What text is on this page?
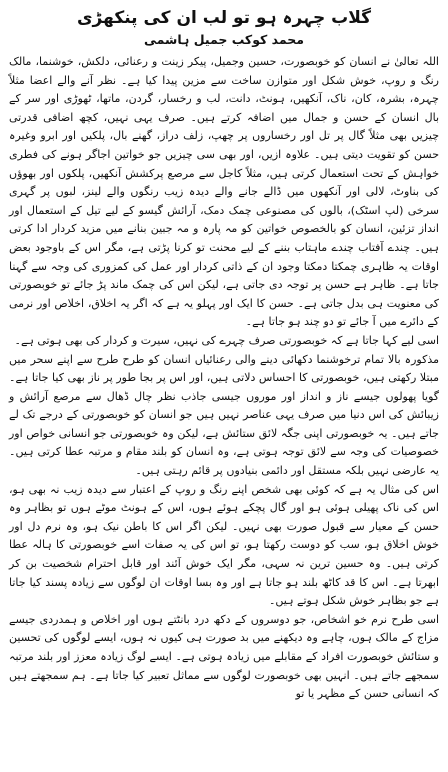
گلاب چہرہ ہو تو لب ان کی پنکھڑی
محمد کوکب جمیل ہاشمی

اللہ تعالیٰ نے انسان کو خوبصورت، حسین وجمیل، پیکر زینت و رعنائی، دلکش، خوشنما، مالک رنگ و روپ، خوش شکل اور متوازن ساخت سے مزین پیدا کیا ہے۔ نظر آنے والے اعضا مثلاً چہرہ، بشرہ، کان، ناک، آنکھیں، ہونٹ، دانت، لب و رخسار، گردن، ماتھا، ٹھوڑی اور سر کے بال انسان کے حسن و جمال میں اضافہ کرتے ہیں۔ صرف یہی نہیں، کچھ اضافی قدرتی چیزیں بھی مثلاً گال پر تل اور رخساروں پر چھپ، زلف دراز، گھنے بال، پلکیں اور ابرو وغیرہ حسن کو تقویت دیتی ہیں۔ علاوہ ازیں، اور بھی سی چیزیں جو خواتین اجاگر ہونے کی فطری خواہش کے تحت استعمال کرتی ہیں، مثلاً کاجل سے مرصع پرکشش آنکھیں، پلکوں اور بھوؤں کی بناوٹ، لالی اور آنکھوں میں ڈالے جانے والے دیدہ زیب رنگوں والے لینز، لبوں پر گہری سرخی (لپ اسٹک)، بالوں کی مصنوعی چمک دمک، آرائش گیسو کے لیے تیل کے استعمال اور انداز تزئین، انسان کو بالخصوص خواتین کو مہ پارہ و مہ جبین بنانے میں مزید کردار ادا کرتی ہیں۔ چندے آفتاب چندے ماہتاب بننے کے لیے محنت تو کرنا پڑتی ہے، مگر اس کے باوجود بعض اوقات یہ ظاہری چمکتا دمکتا وجود ان کے ذاتی کردار اور عمل کی کمزوری کی وجہ سے گہنا جاتا ہے۔ ظاہر ہے حسن پر توجہ دی جاتی ہے، لیکن اس کی چمک ماند پڑ جائے تو خوبصورتی کی معنویت ہی بدل جاتی ہے۔ حسن کا ایک اور پہلو یہ ہے کہ اگر یہ اخلاق، اخلاص اور نرمی کے دائرے میں آ جائے تو دو چند ہو جاتا ہے۔

اسی لیے کہا جاتا ہے کہ خوبصورتی صرف چہرے کی نہیں، سیرت و کردار کی بھی ہوتی ہے۔

مذکورہ بالا تمام ترخوشنما دکھائی دینے والی رعنائیاں انسان کو طرح طرح سے اپنے سحر میں مبتلا رکھتی ہیں، خوبصورتی کا احساس دلاتی ہیں، اور اس پر بجا طور پر ناز بھی کیا جاتا ہے۔ گویا پھولوں جیسے ناز و انداز اور موروں جیسی جاذب نظر چال ڈھال سے مرصع آرائش و زیبائش کی اس دنیا میں صرف یہی عناصر نہیں ہیں جو انسان کو خوبصورتی کے درجے تک لے جاتے ہیں۔ یہ خوبصورتی اپنی جگہ لائق ستائش ہے، لیکن وہ خوبصورتی جو انسانی خواص اور خصوصیات کی وجہ سے لائق توجہ ہوتی ہے، وہ انسان کو بلند مقام و مرتبہ عطا کرتی ہیں۔ یہ عارضی نہیں بلکہ مستقل اور دائمی بنیادوں پر قائم رہتی ہیں۔

اس کی مثال یہ ہے کہ کوئی بھی شخص اپنے رنگ و روپ کے اعتبار سے دیدہ زیب نہ بھی ہو، اس کی ناک پھیلی ہوئی ہو اور گال پچکے ہوئے ہوں، اس کے ہونٹ موٹے ہوں تو بظاہر وہ حسن کے معیار سے قبول صورت بھی نہیں۔ لیکن اگر اس کا باطن نیک ہو، وہ نرم دل اور خوش اخلاق ہو، سب کو دوست رکھتا ہو، تو اس کی یہ صفات اسے خوبصورتی کا ہالہ عطا کرتی ہیں۔ وہ حسین ترین نہ سہی، مگر ایک خوش آئند اور قابل احترام شخصیت بن کر ابھرتا ہے۔ اس کا قد کاٹھ بلند ہو جاتا ہے اور وہ بسا اوقات ان لوگوں سے زیادہ پسند کیا جاتا ہے جو بظاہر خوش شکل ہوتے ہیں۔

اسی طرح نرم خو اشخاص، جو دوسروں کے دکھ درد بانٹتے ہوں اور اخلاص و ہمدردی جیسے مزاج کے مالک ہوں، چاہے وہ دیکھنے میں بد صورت ہی کیوں نہ ہوں، ایسے لوگوں کی تحسین و ستائش خوبصورت افراد کے مقابلے میں زیادہ ہوتی ہے۔ ایسے لوگ زیادہ معزز اور بلند مرتبہ سمجھے جاتے ہیں۔ انہیں بھی خوبصورت لوگوں سے مماثل تعبیر کیا جاتا ہے۔ ہم سمجھتے ہیں کہ انسانی حسن کے مظہر یا تو
